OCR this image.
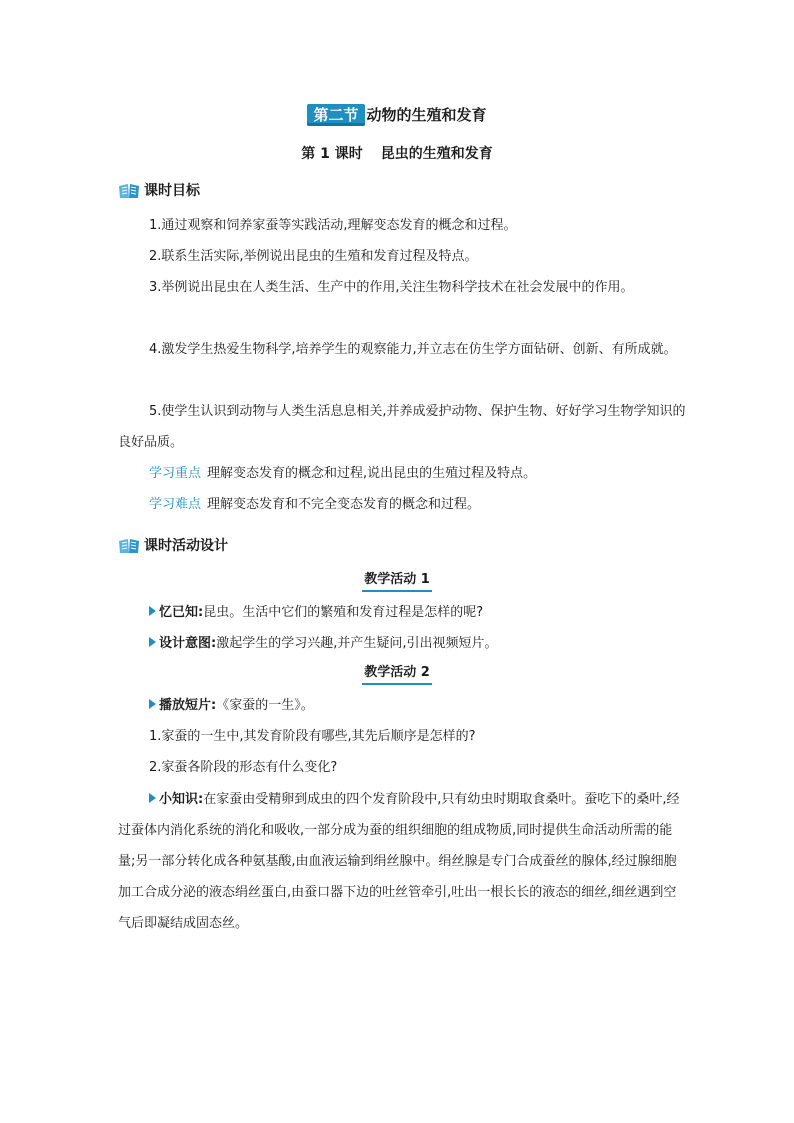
第二节 动物的生殖和发育
第 1 课时 昆虫的生殖和发育
课时目标
1.通过观察和饲养家蚕等实践活动,理解变态发育的概念和过程。
2.联系生活实际,举例说出昆虫的生殖和发育过程及特点。
3.举例说出昆虫在人类生活、生产中的作用,关注生物科学技术在社会发展中的作用。
4.激发学生热爱生物科学,培养学生的观察能力,并立志在仿生学方面钻研、创新、有所成就。
5.使学生认识到动物与人类生活息息相关,并养成爱护动物、保护生物、好好学习生物学知识的良好品质。
学习重点 理解变态发育的概念和过程,说出昆虫的生殖过程及特点。
学习难点 理解变态发育和不完全变态发育的概念和过程。
课时活动设计
教学活动 1
忆已知:昆虫。生活中它们的繁殖和发育过程是怎样的呢?
设计意图:激起学生的学习兴趣,并产生疑问,引出视频短片。
教学活动 2
播放短片:《家蚕的一生》。
1.家蚕的一生中,其发育阶段有哪些,其先后顺序是怎样的?
2.家蚕各阶段的形态有什么变化?
小知识:在家蚕由受精卵到成虫的四个发育阶段中,只有幼虫时期取食桑叶。蚕吃下的桑叶,经过蚕体内消化系统的消化和吸收,一部分成为蚕的组织细胞的组成物质,同时提供生命活动所需的能量;另一部分转化成各种氨基酸,由血液运输到绢丝腺中。绢丝腺是专门合成蚕丝的腺体,经过腺细胞加工合成分泌的液态绢丝蛋白,由蚕口器下边的吐丝管牵引,吐出一根长长的液态的细丝,细丝遇到空气后即凝结成固态丝。
